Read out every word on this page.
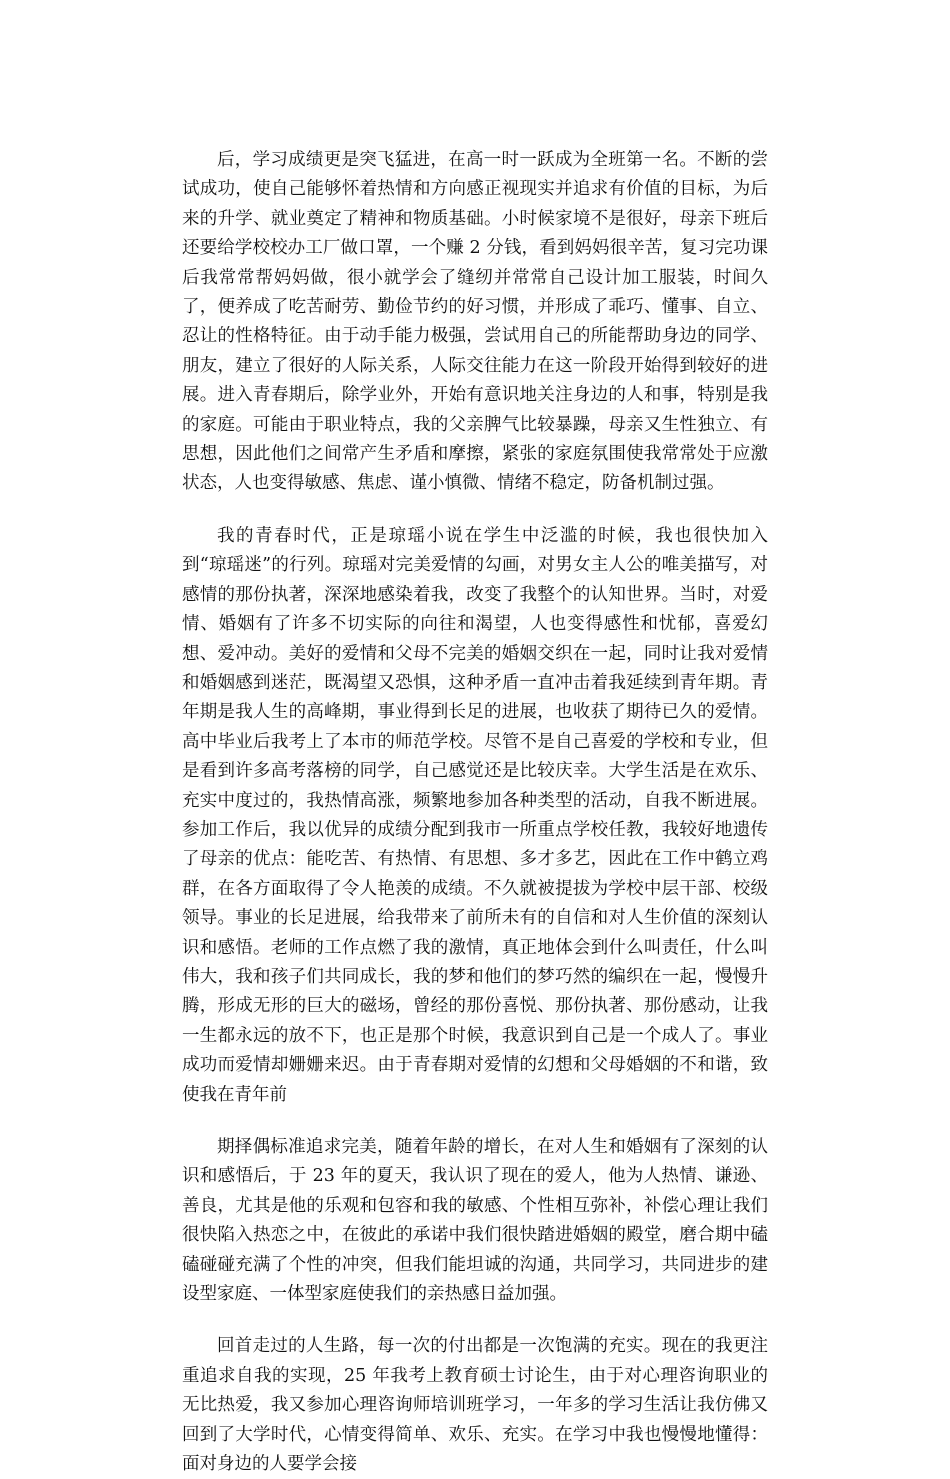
后，学习成绩更是突飞猛进，在高一时一跃成为全班第一名。不断的尝试成功，使自己能够怀着热情和方向感正视现实并追求有价值的目标，为后来的升学、就业奠定了精神和物质基础。小时候家境不是很好，母亲下班后还要给学校校办工厂做口罩，一个赚 2 分钱，看到妈妈很辛苦，复习完功课后我常常帮妈妈做，很小就学会了缝纫并常常自己设计加工服装，时间久了，便养成了吃苦耐劳、勤俭节约的好习惯，并形成了乖巧、懂事、自立、忍让的性格特征。由于动手能力极强，尝试用自己的所能帮助身边的同学、朋友，建立了很好的人际关系，人际交往能力在这一阶段开始得到较好的进展。进入青春期后，除学业外，开始有意识地关注身边的人和事，特别是我的家庭。可能由于职业特点，我的父亲脾气比较暴躁，母亲又生性独立、有思想，因此他们之间常产生矛盾和摩擦，紧张的家庭氛围使我常常处于应激状态，人也变得敏感、焦虑、谨小慎微、情绪不稳定，防备机制过强。

我的青春时代，正是琼瑶小说在学生中泛滥的时候，我也很快加入到“琼瑶迷”的行列。琼瑶对完美爱情的勾画，对男女主人公的唯美描写，对感情的那份执著，深深地感染着我，改变了我整个的认知世界。当时，对爱情、婚姻有了许多不切实际的向往和渴望，人也变得感性和忧郁，喜爱幻想、爱冲动。美好的爱情和父母不完美的婚姻交织在一起，同时让我对爱情和婚姻感到迷茫，既渴望又恐惧，这种矛盾一直冲击着我延续到青年期。青年期是我人生的高峰期，事业得到长足的进展，也收获了期待已久的爱情。高中毕业后我考上了本市的师范学校。尽管不是自己喜爱的学校和专业，但是看到许多高考落榜的同学，自己感觉还是比较庆幸。大学生活是在欢乐、充实中度过的，我热情高涨，频繁地参加各种类型的活动，自我不断进展。参加工作后，我以优异的成绩分配到我市一所重点学校任教，我较好地遗传了母亲的优点：能吃苦、有热情、有思想、多才多艺，因此在工作中鹤立鸡群，在各方面取得了令人艳羡的成绩。不久就被提拔为学校中层干部、校级领导。事业的长足进展，给我带来了前所未有的自信和对人生价值的深刻认识和感悟。老师的工作点燃了我的激情，真正地体会到什么叫责任，什么叫伟大，我和孩子们共同成长，我的梦和他们的梦巧然的编织在一起，慢慢升腾，形成无形的巨大的磁场，曾经的那份喜悦、那份执著、那份感动，让我一生都永远的放不下，也正是那个时候，我意识到自己是一个成人了。事业成功而爱情却姗姗来迟。由于青春期对爱情的幻想和父母婚姻的不和谐，致使我在青年前

期择偶标准追求完美，随着年龄的增长，在对人生和婚姻有了深刻的认识和感悟后，于 23 年的夏天，我认识了现在的爱人，他为人热情、谦逊、善良，尤其是他的乐观和包容和我的敏感、个性相互弥补，补偿心理让我们很快陷入热恋之中，在彼此的承诺中我们很快踏进婚姻的殿堂，磨合期中磕磕碰碰充满了个性的冲突，但我们能坦诚的沟通，共同学习，共同进步的建设型家庭、一体型家庭使我们的亲热感日益加强。

回首走过的人生路，每一次的付出都是一次饱满的充实。现在的我更注重追求自我的实现，25 年我考上教育硕士讨论生，由于对心理咨询职业的无比热爱，我又参加心理咨询师培训班学习，一年多的学习生活让我仿佛又回到了大学时代，心情变得简单、欢乐、充实。在学习中我也慢慢地懂得：面对身边的人要学会接
